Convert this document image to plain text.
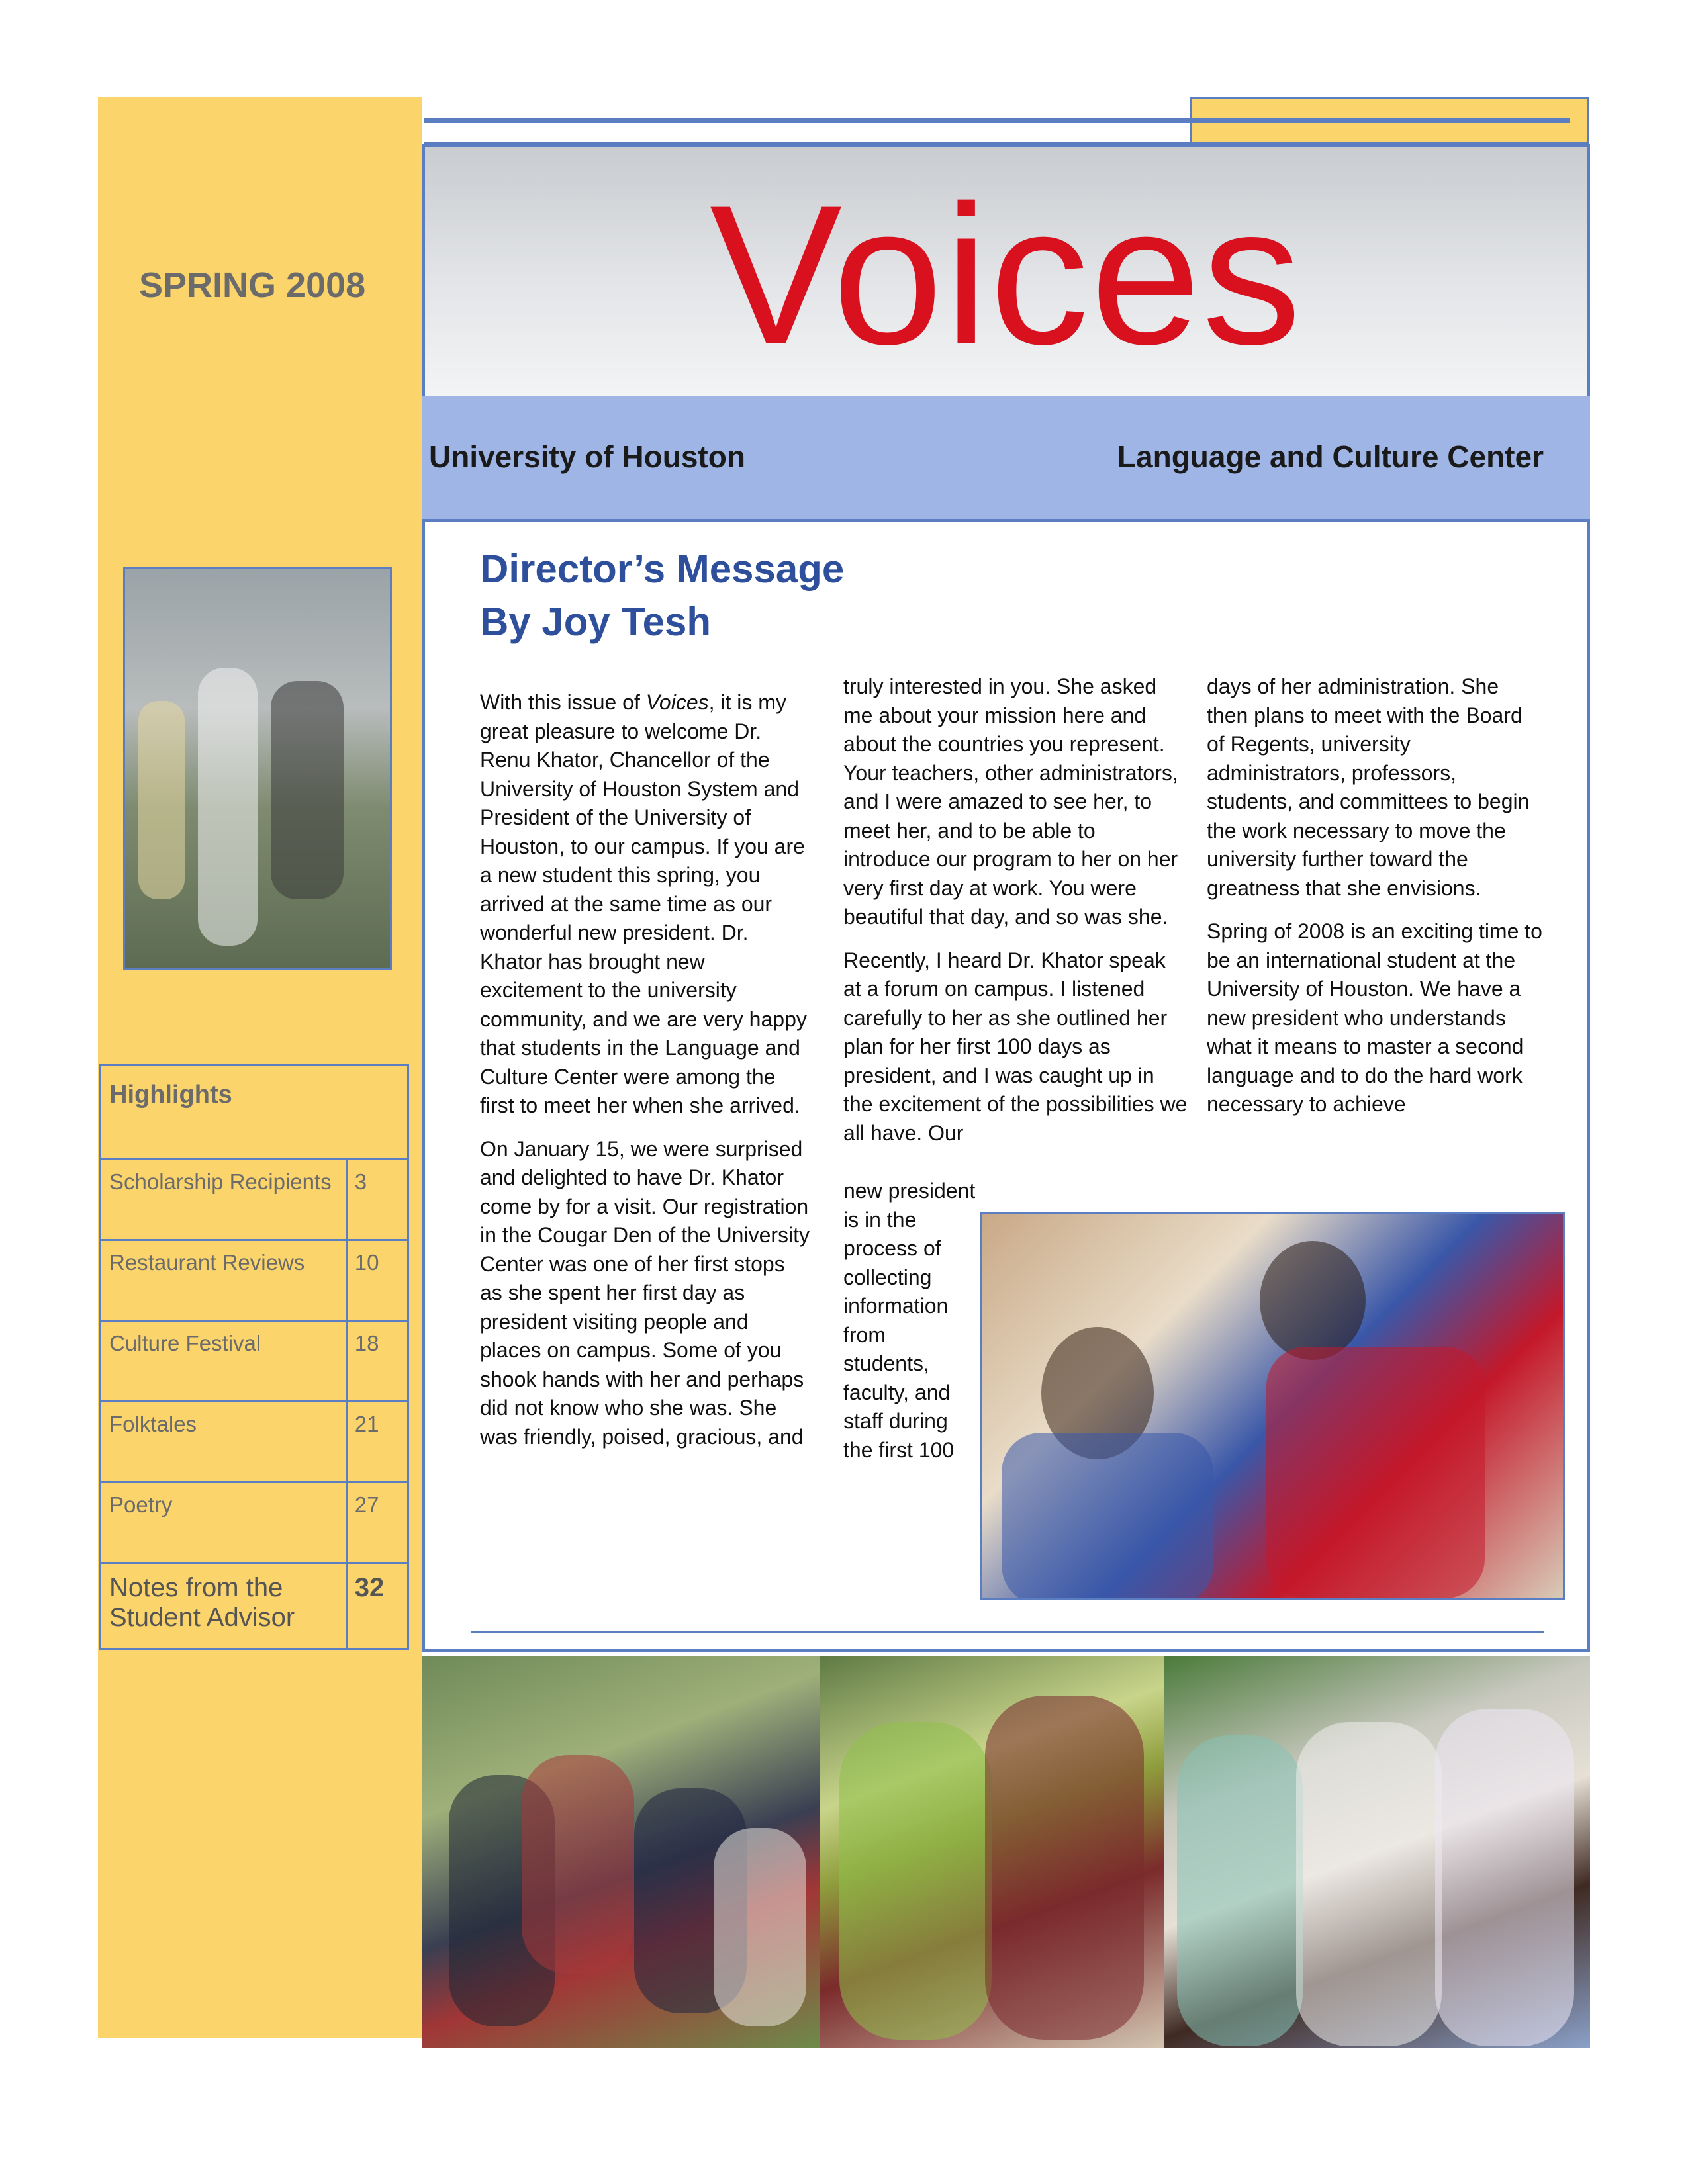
SPRING 2008	Voices
University of Houston	Language and Culture Center
Director’s Message
By Joy Tesh

With this issue of Voices, it is my great pleasure to welcome Dr. Renu Khator, Chancellor of the University of Houston System and President of the University of Houston, to our campus. If you are a new student this spring, you arrived at the same time as our wonderful new president. Dr. Khator has brought new excitement to the university community, and we are very happy that students in the Language and Culture Center were among the first to meet her when she arrived.

On January 15, we were surprised and delighted to have Dr. Khator come by for a visit. Our registration in the Cougar Den of the University Center was one of her first stops as she spent her first day as president visiting people and places on campus. Some of you shook hands with her and perhaps did not know who she was. She was friendly, poised, gracious, and

truly interested in you. She asked me about your mission here and about the countries you represent. Your teachers, other administrators, and I were amazed to see her, to meet her, and to be able to introduce our program to her on her very first day at work. You were beautiful that day, and so was she.

Recently, I heard Dr. Khator speak at a forum on campus. I listened carefully to her as she outlined her plan for her first 100 days as president, and I was caught up in the excitement of the possibilities we all have. Our

new president is in the process of collecting information from students, faculty, and staff during the first 100

days of her administration. She then plans to meet with the Board of Regents, university administrators, professors, students, and committees to begin the work necessary to move the university further toward the greatness that she envisions.

Spring of 2008 is an exciting time to be an international student at the University of Houston. We have a new president who understands what it means to master a second language and to do the hard work necessary to achieve

Highlights	
Scholarship Recipients	3
Restaurant Reviews	10
Culture Festival	18
Folktales	21
Poetry	27
Notes from the Student Advisor	32
